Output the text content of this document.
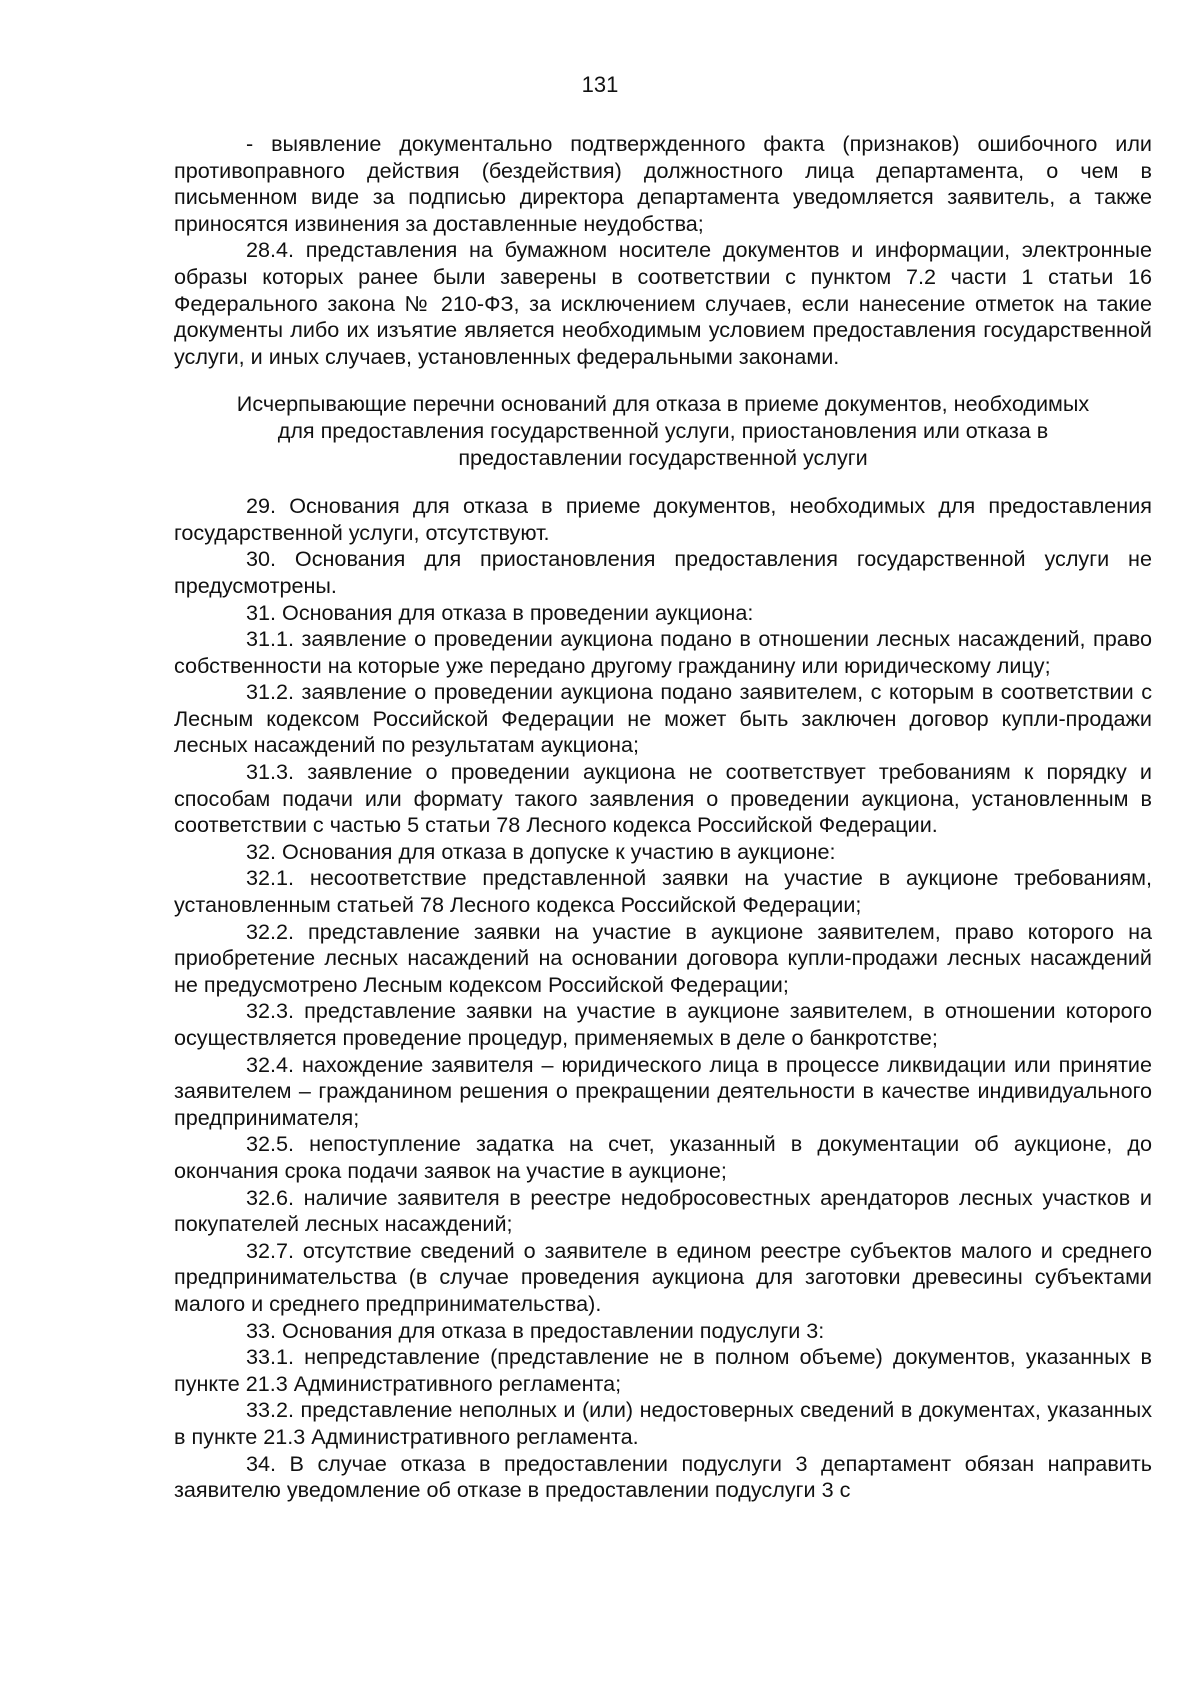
131

- выявление документально подтвержденного факта (признаков) ошибочного или противоправного действия (бездействия) должностного лица департамента, о чем в письменном виде за подписью директора департамента уведомляется заявитель, а также приносятся извинения за доставленные неудобства;

28.4. представления на бумажном носителе документов и информации, электронные образы которых ранее были заверены в соответствии с пунктом 7.2 части 1 статьи 16 Федерального закона № 210-ФЗ, за исключением случаев, если нанесение отметок на такие документы либо их изъятие является необходимым условием предоставления государственной услуги, и иных случаев, установленных федеральными законами.

Исчерпывающие перечни оснований для отказа в приеме документов, необходимых
для предоставления государственной услуги, приостановления или отказа в
предоставлении государственной услуги

29. Основания для отказа в приеме документов, необходимых для предоставления государственной услуги, отсутствуют.

30. Основания для приостановления предоставления государственной услуги не предусмотрены.

31. Основания для отказа в проведении аукциона:

31.1. заявление о проведении аукциона подано в отношении лесных насаждений, право собственности на которые уже передано другому гражданину или юридическому лицу;

31.2. заявление о проведении аукциона подано заявителем, с которым в соответствии с Лесным кодексом Российской Федерации не может быть заключен договор купли-продажи лесных насаждений по результатам аукциона;

31.3. заявление о проведении аукциона не соответствует требованиям к порядку и способам подачи или формату такого заявления о проведении аукциона, установленным в соответствии с частью 5 статьи 78 Лесного кодекса Российской Федерации.

32. Основания для отказа в допуске к участию в аукционе:

32.1. несоответствие представленной заявки на участие в аукционе требованиям, установленным статьей 78 Лесного кодекса Российской Федерации;

32.2. представление заявки на участие в аукционе заявителем, право которого на приобретение лесных насаждений на основании договора купли-продажи лесных насаждений не предусмотрено Лесным кодексом Российской Федерации;

32.3. представление заявки на участие в аукционе заявителем, в отношении которого осуществляется проведение процедур, применяемых в деле о банкротстве;

32.4. нахождение заявителя – юридического лица в процессе ликвидации или принятие заявителем – гражданином решения о прекращении деятельности в качестве индивидуального предпринимателя;

32.5. непоступление задатка на счет, указанный в документации об аукционе, до окончания срока подачи заявок на участие в аукционе;

32.6. наличие заявителя в реестре недобросовестных арендаторов лесных участков и покупателей лесных насаждений;

32.7. отсутствие сведений о заявителе в едином реестре субъектов малого и среднего предпринимательства (в случае проведения аукциона для заготовки древесины субъектами малого и среднего предпринимательства).

33. Основания для отказа в предоставлении подуслуги 3:

33.1. непредставление (представление не в полном объеме) документов, указанных в пункте 21.3 Административного регламента;

33.2. представление неполных и (или) недостоверных сведений в документах, указанных в пункте 21.3 Административного регламента.

34. В случае отказа в предоставлении подуслуги 3 департамент обязан направить заявителю уведомление об отказе в предоставлении подуслуги 3 с
